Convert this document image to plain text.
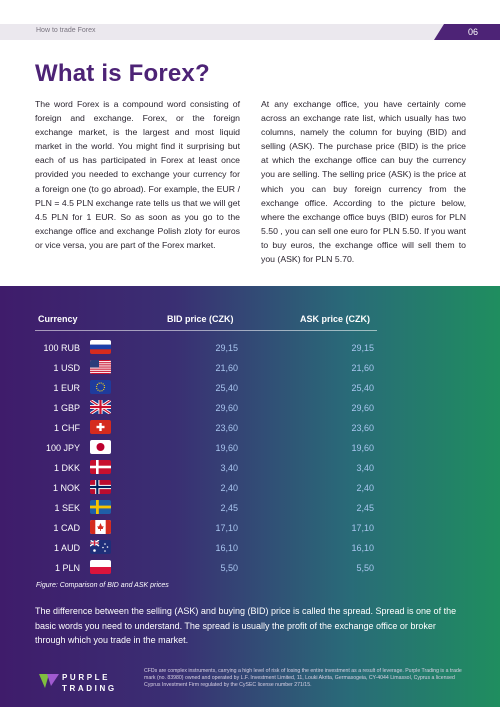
How to trade Forex	06
What is Forex?

The word Forex is a compound word consisting of foreign and exchange. Forex, or the foreign exchange market, is the largest and most liquid market in the world. You might find it surprising but each of us has participated in Forex at least once provided you needed to exchange your currency for a foreign one (to go abroad). For example, the EUR / PLN = 4.5 PLN exchange rate tells us that we will get 4.5 PLN for 1 EUR. So as soon as you go to the exchange office and exchange Polish zloty for euros or vice versa, you are part of the Forex market.

At any exchange office, you have certainly come across an exchange rate list, which usually has two columns, namely the column for buying (BID) and selling (ASK). The purchase price (BID) is the price at which the exchange office can buy the currency you are selling. The selling price (ASK) is the price at which you can buy foreign currency from the exchange office. According to the picture below, where the exchange office buys (BID) euros for PLN 5.50 , you can sell one euro for PLN 5.50. If you want to buy euros, the exchange office will sell them to you (ASK) for PLN 5.70.

Currency	BID price (CZK)	ASK price (CZK)
100 RUB	29,15	29,15
1 USD	21,60	21,60
1 EUR	25,40	25,40
1 GBP	29,60	29,60
1 CHF	23,60	23,60
100 JPY	19,60	19,60
1 DKK	3,40	3,40
1 NOK	2,40	2,40
1 SEK	2,45	2,45
1 CAD	17,10	17,10
1 AUD	16,10	16,10
1 PLN	5,50	5,50
Figure: Comparison of BID and ASK prices

The difference between the selling (ASK) and buying (BID) price is called the spread. Spread is one of the basic words you need to understand. The spread is usually the profit of the exchange office or broker through which you trade in the market.

PURPLE
TRADING

CFDs are complex instruments, carrying a high level of risk of losing the entire investment as a result of leverage. Purple Trading is a trade mark (no. 83980) owned and operated by L.F. Investment Limited, 11, Louki Akrita, Germasogeia, CY-4044 Limassol, Cyprus a licensed Cyprus Investment Firm regulated by the CySEC license number 271/15.
